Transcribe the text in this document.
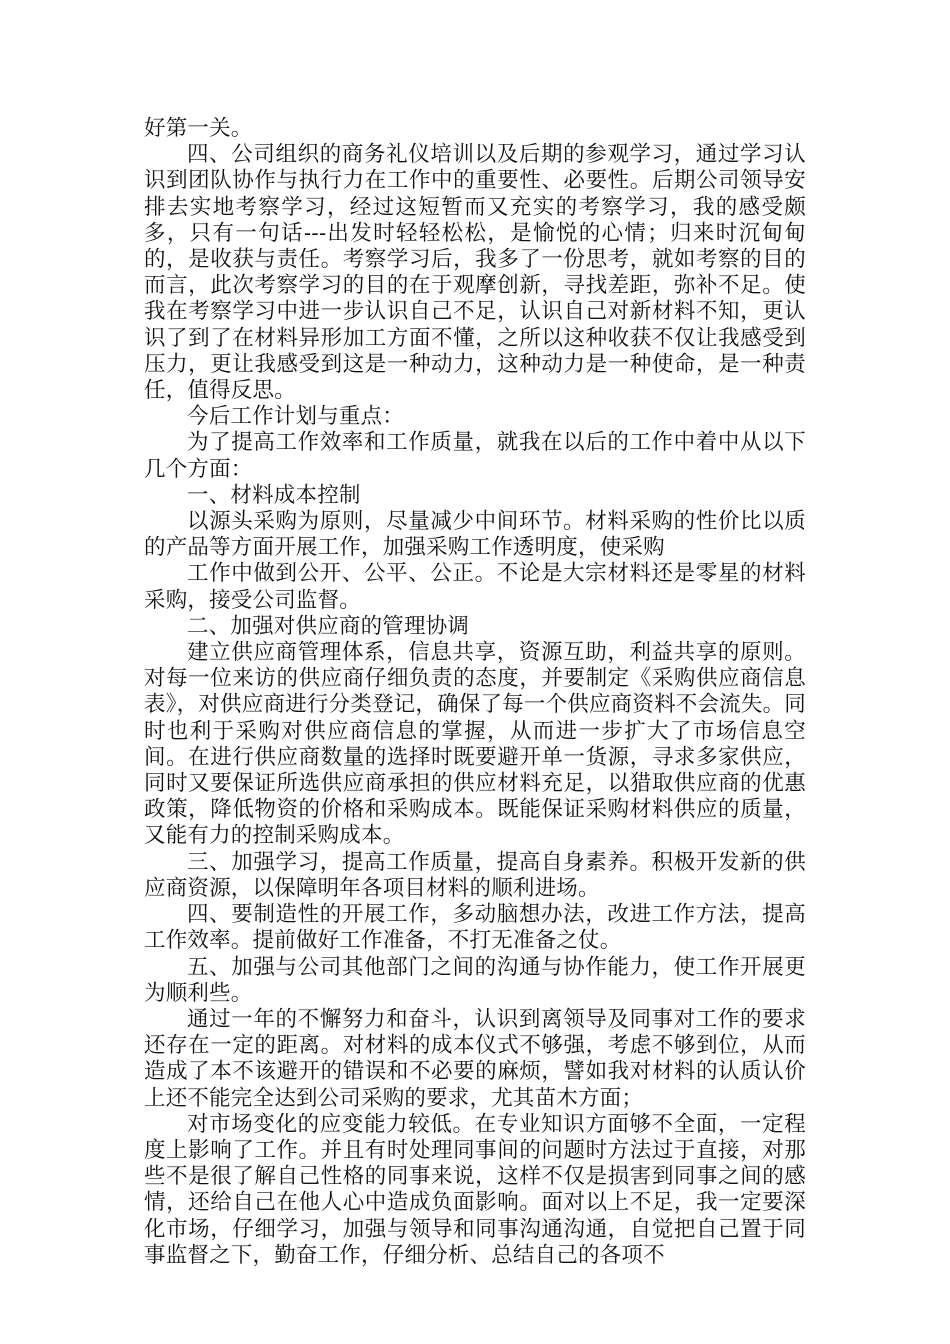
好第一关。

四、公司组织的商务礼仪培训以及后期的参观学习，通过学习认识到团队协作与执行力在工作中的重要性、必要性。后期公司领导安排去实地考察学习，经过这短暂而又充实的考察学习，我的感受颇多，只有一句话---出发时轻轻松松，是愉悦的心情；归来时沉甸甸的，是收获与责任。考察学习后，我多了一份思考，就如考察的目的而言，此次考察学习的目的在于观摩创新，寻找差距，弥补不足。使我在考察学习中进一步认识自己不足，认识自己对新材料不知，更认识了到了在材料异形加工方面不懂，之所以这种收获不仅让我感受到压力，更让我感受到这是一种动力，这种动力是一种使命，是一种责任，值得反思。

今后工作计划与重点：

为了提高工作效率和工作质量，就我在以后的工作中着中从以下几个方面：

一、材料成本控制

以源头采购为原则，尽量减少中间环节。材料采购的性价比以质的产品等方面开展工作，加强采购工作透明度，使采购

工作中做到公开、公平、公正。不论是大宗材料还是零星的材料采购，接受公司监督。

二、加强对供应商的管理协调

建立供应商管理体系，信息共享，资源互助，利益共享的原则。对每一位来访的供应商仔细负责的态度，并要制定《采购供应商信息表》，对供应商进行分类登记，确保了每一个供应商资料不会流失。同时也利于采购对供应商信息的掌握，从而进一步扩大了市场信息空间。在进行供应商数量的选择时既要避开单一货源，寻求多家供应，同时又要保证所选供应商承担的供应材料充足，以猎取供应商的优惠政策，降低物资的价格和采购成本。既能保证采购材料供应的质量，又能有力的控制采购成本。

三、加强学习，提高工作质量，提高自身素养。积极开发新的供应商资源，以保障明年各项目材料的顺利进场。

四、要制造性的开展工作，多动脑想办法，改进工作方法，提高工作效率。提前做好工作准备，不打无准备之仗。

五、加强与公司其他部门之间的沟通与协作能力，使工作开展更为顺利些。

通过一年的不懈努力和奋斗，认识到离领导及同事对工作的要求还存在一定的距离。对材料的成本仪式不够强，考虑不够到位，从而造成了本不该避开的错误和不必要的麻烦，譬如我对材料的认质认价上还不能完全达到公司采购的要求，尤其苗木方面；

对市场变化的应变能力较低。在专业知识方面够不全面，一定程度上影响了工作。并且有时处理同事间的问题时方法过于直接，对那些不是很了解自己性格的同事来说，这样不仅是损害到同事之间的感情，还给自己在他人心中造成负面影响。面对以上不足，我一定要深化市场，仔细学习，加强与领导和同事沟通沟通，自觉把自己置于同事监督之下，勤奋工作，仔细分析、总结自己的各项不
